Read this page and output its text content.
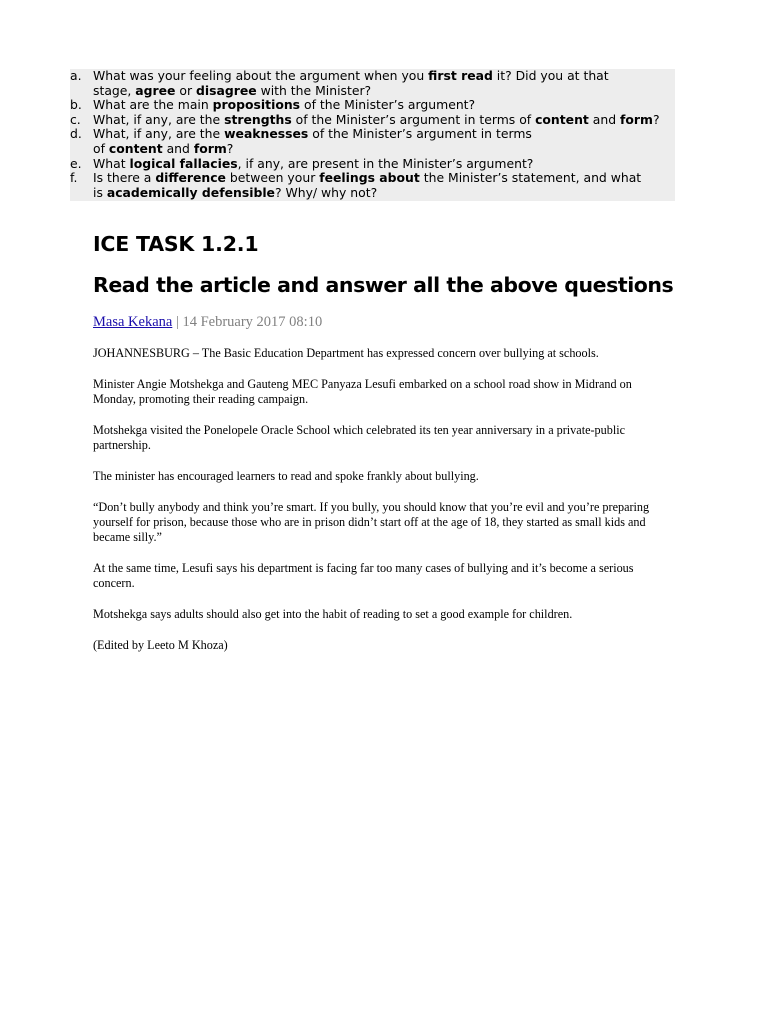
a. What was your feeling about the argument when you first read it? Did you at that
stage, agree or disagree with the Minister?
b. What are the main propositions of the Minister’s argument?
c. What, if any, are the strengths of the Minister’s argument in terms of content and form?
d. What, if any, are the weaknesses of the Minister’s argument in terms
of content and form?
e. What logical fallacies, if any, are present in the Minister’s argument?
f.	Is there a difference between your feelings about the Minister’s statement, and what
is academically defensible? Why/ why not?
ICE TASK 1.2.1
Read the article and answer all the above questions
Masa Kekana | 14 February 2017 08:10

JOHANNESBURG – The Basic Education Department has expressed concern over bullying at schools.

Minister Angie Motshekga and Gauteng MEC Panyaza Lesufi embarked on a school road show in Midrand on Monday, promoting their reading campaign.

Motshekga visited the Ponelopele Oracle School which celebrated its ten year anniversary in a private-public partnership.

The minister has encouraged learners to read and spoke frankly about bullying.

“Don’t bully anybody and think you’re smart. If you bully, you should know that you’re evil and you’re preparing yourself for prison, because those who are in prison didn’t start off at the age of 18, they started as small kids and became silly.”

At the same time, Lesufi says his department is facing far too many cases of bullying and it’s become a serious concern.

Motshekga says adults should also get into the habit of reading to set a good example for children.

(Edited by Leeto M Khoza)
